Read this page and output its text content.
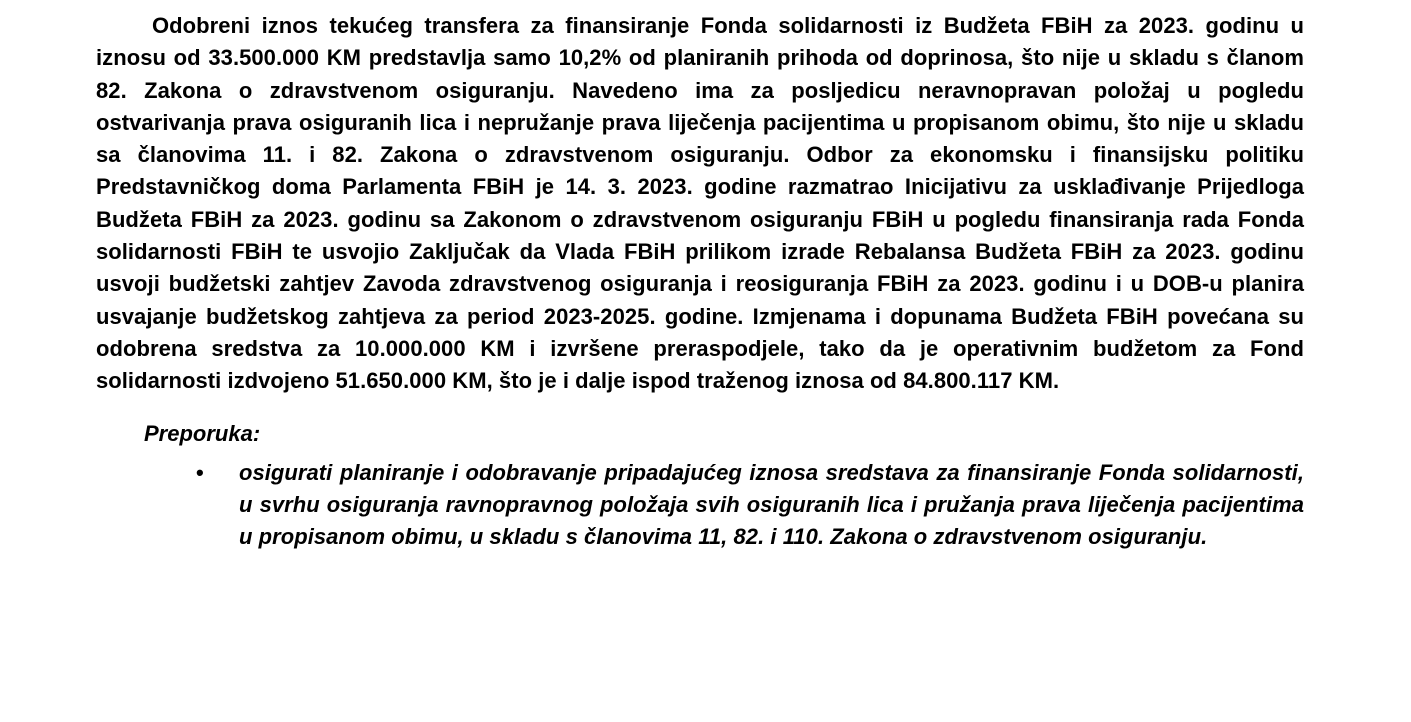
Odobreni iznos tekućeg transfera za finansiranje Fonda solidarnosti iz Budžeta FBiH za 2023. godinu u iznosu od 33.500.000 KM predstavlja samo 10,2% od planiranih prihoda od doprinosa, što nije u skladu s članom 82. Zakona o zdravstvenom osiguranju. Navedeno ima za posljedicu neravnopravan položaj u pogledu ostvarivanja prava osiguranih lica i nepružanje prava liječenja pacijentima u propisanom obimu, što nije u skladu sa članovima 11. i 82. Zakona o zdravstvenom osiguranju. Odbor za ekonomsku i finansijsku politiku Predstavničkog doma Parlamenta FBiH je 14. 3. 2023. godine razmatrao Inicijativu za usklađivanje Prijedloga Budžeta FBiH za 2023. godinu sa Zakonom o zdravstvenom osiguranju FBiH u pogledu finansiranja rada Fonda solidarnosti FBiH te usvojio Zaključak da Vlada FBiH prilikom izrade Rebalansa Budžeta FBiH za 2023. godinu usvoji budžetski zahtjev Zavoda zdravstvenog osiguranja i reosiguranja FBiH za 2023. godinu i u DOB-u planira usvajanje budžetskog zahtjeva za period 2023-2025. godine. Izmjenama i dopunama Budžeta FBiH povećana su odobrena sredstva za 10.000.000 KM i izvršene preraspodjele, tako da je operativnim budžetom za Fond solidarnosti izdvojeno 51.650.000 KM, što je i dalje ispod traženog iznosa od 84.800.117 KM.

Preporuka:

• osigurati planiranje i odobravanje pripadajućeg iznosa sredstava za finansiranje Fonda solidarnosti, u svrhu osiguranja ravnopravnog položaja svih osiguranih lica i pružanja prava liječenja pacijentima u propisanom obimu, u skladu s članovima 11, 82. i 110. Zakona o zdravstvenom osiguranju.
